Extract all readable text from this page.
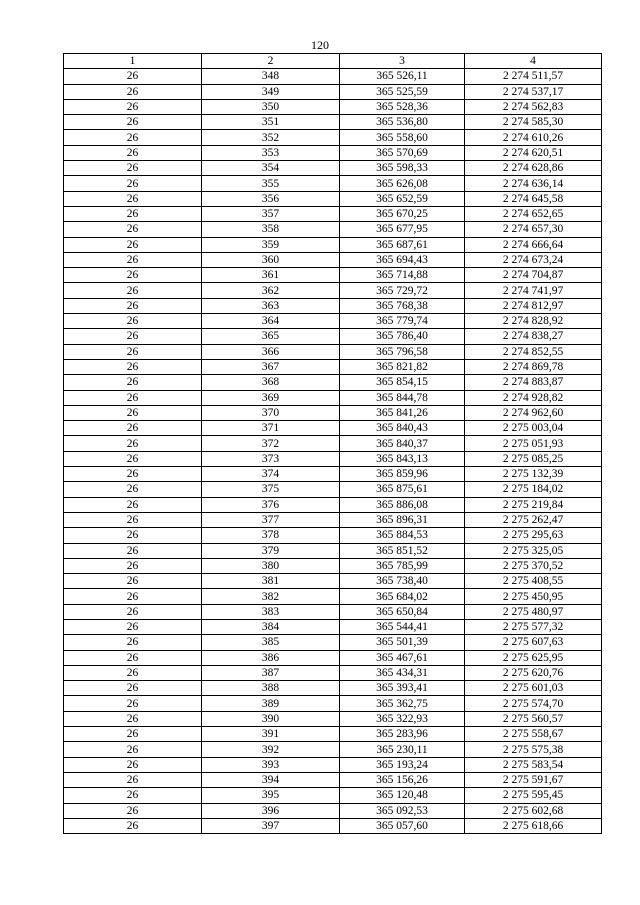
120
1	2	3	4
26	348	365 526,11	2 274 511,57
26	349	365 525,59	2 274 537,17
26	350	365 528,36	2 274 562,83
26	351	365 536,80	2 274 585,30
26	352	365 558,60	2 274 610,26
26	353	365 570,69	2 274 620,51
26	354	365 598,33	2 274 628,86
26	355	365 626,08	2 274 636,14
26	356	365 652,59	2 274 645,58
26	357	365 670,25	2 274 652,65
26	358	365 677,95	2 274 657,30
26	359	365 687,61	2 274 666,64
26	360	365 694,43	2 274 673,24
26	361	365 714,88	2 274 704,87
26	362	365 729,72	2 274 741,97
26	363	365 768,38	2 274 812,97
26	364	365 779,74	2 274 828,92
26	365	365 786,40	2 274 838,27
26	366	365 796,58	2 274 852,55
26	367	365 821,82	2 274 869,78
26	368	365 854,15	2 274 883,87
26	369	365 844,78	2 274 928,82
26	370	365 841,26	2 274 962,60
26	371	365 840,43	2 275 003,04
26	372	365 840,37	2 275 051,93
26	373	365 843,13	2 275 085,25
26	374	365 859,96	2 275 132,39
26	375	365 875,61	2 275 184,02
26	376	365 886,08	2 275 219,84
26	377	365 896,31	2 275 262,47
26	378	365 884,53	2 275 295,63
26	379	365 851,52	2 275 325,05
26	380	365 785,99	2 275 370,52
26	381	365 738,40	2 275 408,55
26	382	365 684,02	2 275 450,95
26	383	365 650,84	2 275 480,97
26	384	365 544,41	2 275 577,32
26	385	365 501,39	2 275 607,63
26	386	365 467,61	2 275 625,95
26	387	365 434,31	2 275 620,76
26	388	365 393,41	2 275 601,03
26	389	365 362,75	2 275 574,70
26	390	365 322,93	2 275 560,57
26	391	365 283,96	2 275 558,67
26	392	365 230,11	2 275 575,38
26	393	365 193,24	2 275 583,54
26	394	365 156,26	2 275 591,67
26	395	365 120,48	2 275 595,45
26	396	365 092,53	2 275 602,68
26	397	365 057,60	2 275 618,66
